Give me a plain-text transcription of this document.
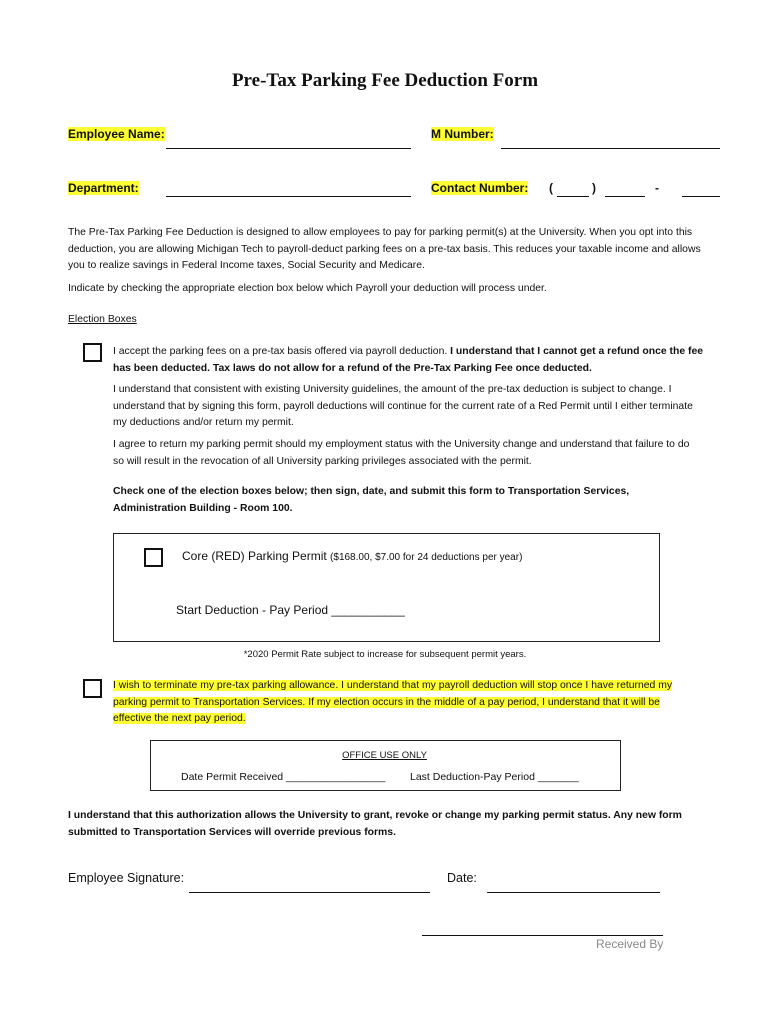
Pre-Tax Parking Fee Deduction Form
Employee Name:	M Number:
Department:	Contact Number: (	)	-
The Pre-Tax Parking Fee Deduction is designed to allow employees to pay for parking permit(s) at the University. When you opt into this deduction, you are allowing Michigan Tech to payroll-deduct parking fees on a pre-tax basis. This reduces your taxable income and allows you to realize savings in Federal Income taxes, Social Security and Medicare.
Indicate by checking the appropriate election box below which Payroll your deduction will process under.
Election Boxes
I accept the parking fees on a pre-tax basis offered via payroll deduction. I understand that I cannot get a refund once the fee has been deducted. Tax laws do not allow for a refund of the Pre-Tax Parking Fee once deducted.
I understand that consistent with existing University guidelines, the amount of the pre-tax deduction is subject to change. I understand that by signing this form, payroll deductions will continue for the current rate of a Red Permit until I either terminate my deductions and/or return my permit.
I agree to return my parking permit should my employment status with the University change and understand that failure to do so will result in the revocation of all University parking privileges associated with the permit.
Check one of the election boxes below; then sign, date, and submit this form to Transportation Services, Administration Building - Room 100.
Core (RED) Parking Permit ($168.00, $7.00 for 24 deductions per year)
Start Deduction - Pay Period ___________
*2020 Permit Rate subject to increase for subsequent permit years.
I wish to terminate my pre-tax parking allowance. I understand that my payroll deduction will stop once I have returned my parking permit to Transportation Services. If my election occurs in the middle of a pay period, I understand that it will be effective the next pay period.
OFFICE USE ONLY
Date Permit Received _________________ Last Deduction-Pay Period _______
I understand that this authorization allows the University to grant, revoke or change my parking permit status. Any new form submitted to Transportation Services will override previous forms.
Employee Signature:	Date:
Received By
